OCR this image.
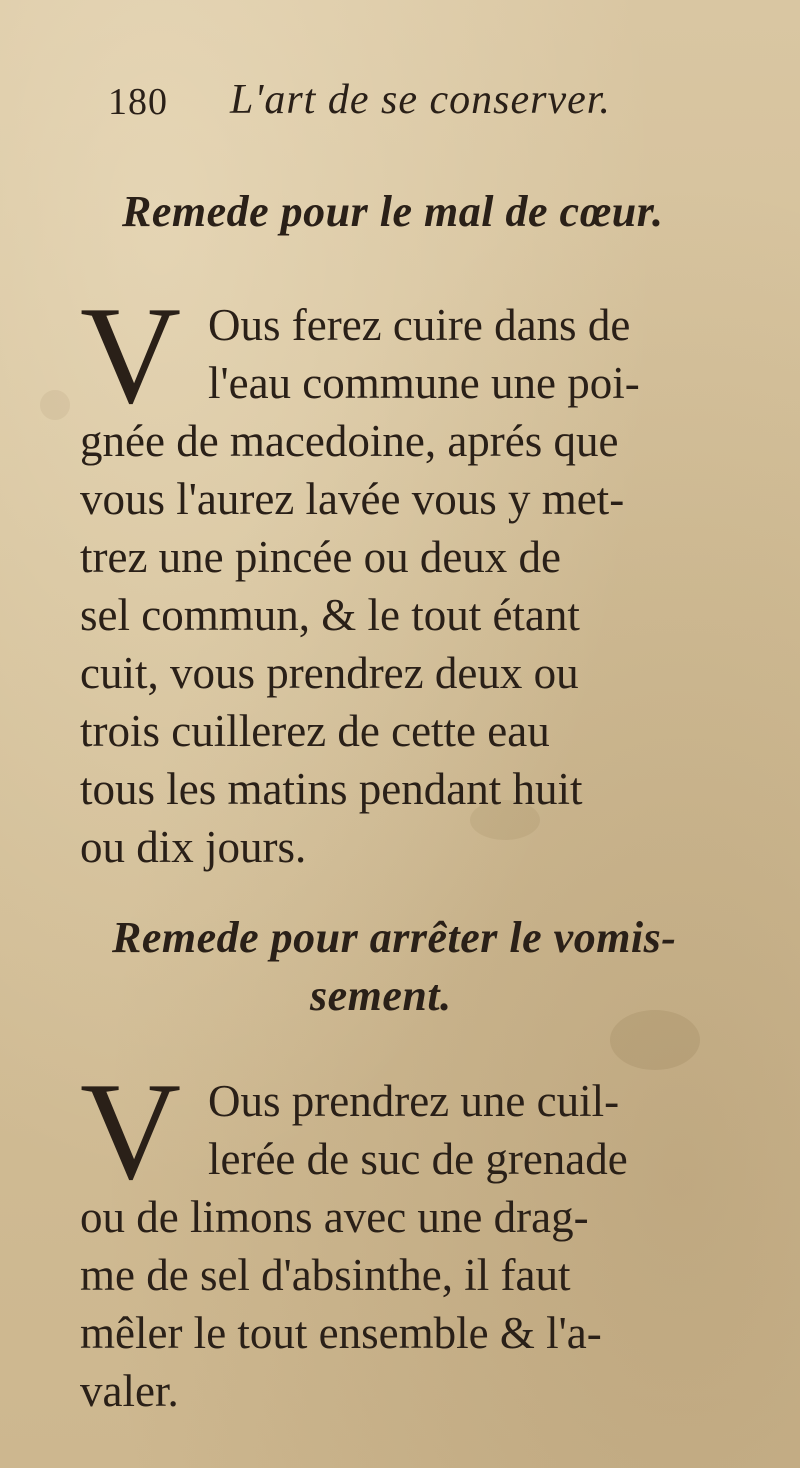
180 L'art de se conserver.
Remede pour le mal de cœur.
V Ous ferez cuire dans de
l'eau commune une poi-
gnée de macedoine, aprés que
vous l'aurez lavée vous y met-
trez une pincée ou deux de
sel commun, & le tout étant
cuit, vous prendrez deux ou
trois cuillerez de cette eau
tous les matins pendant huit
ou dix jours.
Remede pour arrêter le vomis-
sement.
V Ous prendrez une cuil-
lerée de suc de grenade
ou de limons avec une drag-
me de sel d'absinthe, il faut
mêler le tout ensemble & l'a-
valer.
